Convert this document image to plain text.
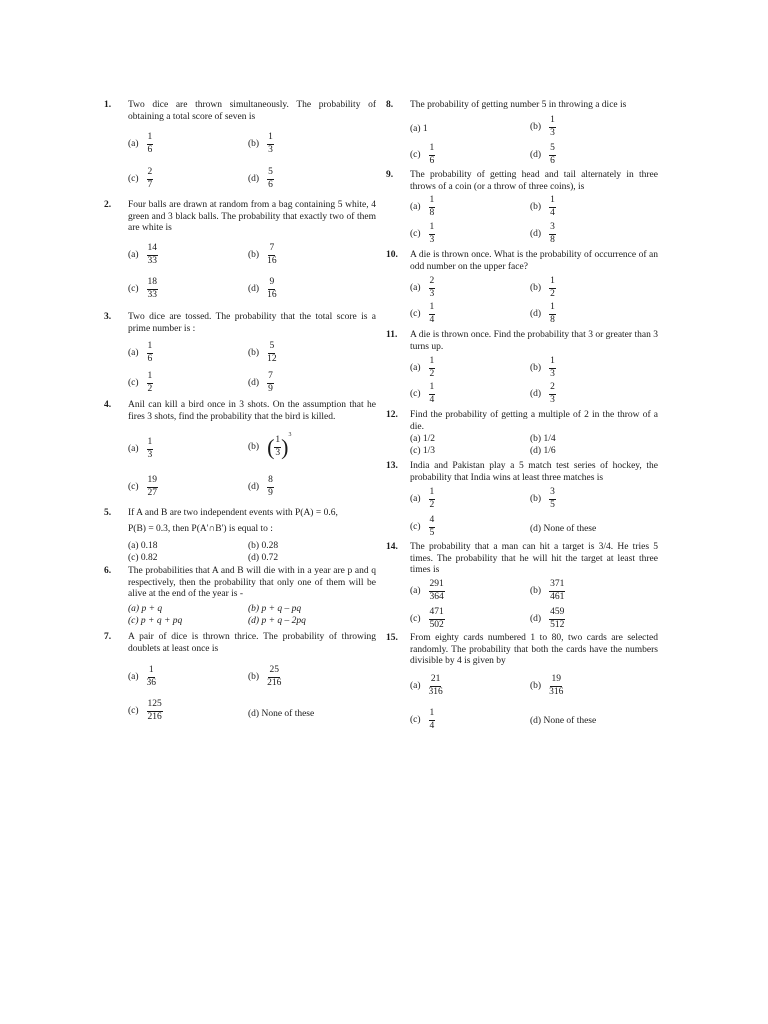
1. Two dice are thrown simultaneously. The probability of obtaining a total score of seven is
$(a) \frac{1}{6}$	$(b) \frac{1}{3}$
$(c) \frac{2}{7}$	$(d) \frac{5}{6}$
2. Four balls are drawn at random from a bag containing 5 white, 4 green and 3 black balls. The probability that exactly two of them are white is
$(a) \frac{14}{33}$	$(b) \frac{7}{16}$
$(c) \frac{18}{33}$	$(d) \frac{9}{16}$
3. Two dice are tossed. The probability that the total score is a prime number is :
$(a) \frac{1}{6}$	$(b) \frac{5}{12}$
$(c) \frac{1}{2}$	$(d) \frac{7}{9}$
4. Anil can kill a bird once in 3 shots. On the assumption that he fires 3 shots, find the probability that the bird is killed.
$(a) \frac{1}{3}$	(b) ( $\frac{1}{3} )^3$
$(c) \frac{19}{27}$	$(d) \frac{8}{9}$
5. If A and B are two independent events with P(A) = 0.6,
P(B) = 0.3, then P(A'∩B') is equal to :
(a) 0.18	(b) 0.28
(c) 0.82	(d) 0.72
6. The probabilities that A and B will die with in a year are p and q respectively, then the probability that only one of them will be alive at the end of the year is -
(a) p + q	(b) p + q – pq
(c) p + q + pq	(d) p + q – 2pq
7. A pair of dice is thrown thrice. The probability of throwing doublets at least once is
$(a) \frac{1}{36}$	$(b) \frac{25}{216}$
$(c) \frac{125}{216}$	(d) None of these
8. The probability of getting number 5 in throwing a dice is
(a) 1	$(b) \frac{1}{3}$
$(c) \frac{1}{6}$	$(d) \frac{5}{6}$
9. The probability of getting head and tail alternately in three throws of a coin (or a throw of three coins), is
$(a) \frac{1}{8}$	$(b) \frac{1}{4}$
$(c) \frac{1}{3}$	$(d) \frac{3}{8}$
10. A die is thrown once. What is the probability of occurrence of an odd number on the upper face?
$(a) \frac{2}{3}$	$(b) \frac{1}{2}$
$(c) \frac{1}{4}$	$(d) \frac{1}{8}$
11. A die is thrown once. Find the probability that 3 or greater than 3 turns up.
$(a) \frac{1}{2}$	$(b) \frac{1}{3}$
$(c) \frac{1}{4}$	$(d) \frac{2}{3}$
12. Find the probability of getting a multiple of 2 in the throw of a die.
(a) 1/2	(b) 1/4
(c) 1/3	(d) 1/6
13. India and Pakistan play a 5 match test series of hockey, the probability that India wins at least three matches is
$(a) \frac{1}{2}$	$(b) \frac{3}{5}$
$(c) \frac{4}{5}$	(d) None of these
14. The probability that a man can hit a target is 3/4. He tries 5 times. The probability that he will hit the target at least three times is
$(a) \frac{291}{364}$	$(b) \frac{371}{461}$
$(c) \frac{471}{502}$	$(d) \frac{459}{512}$
15. From eighty cards numbered 1 to 80, two cards are selected randomly. The probability that both the cards have the numbers divisible by 4 is given by
$(a) \frac{21}{316}$	$(b) \frac{19}{316}$
$(c) \frac{1}{4}$	(d) None of these
